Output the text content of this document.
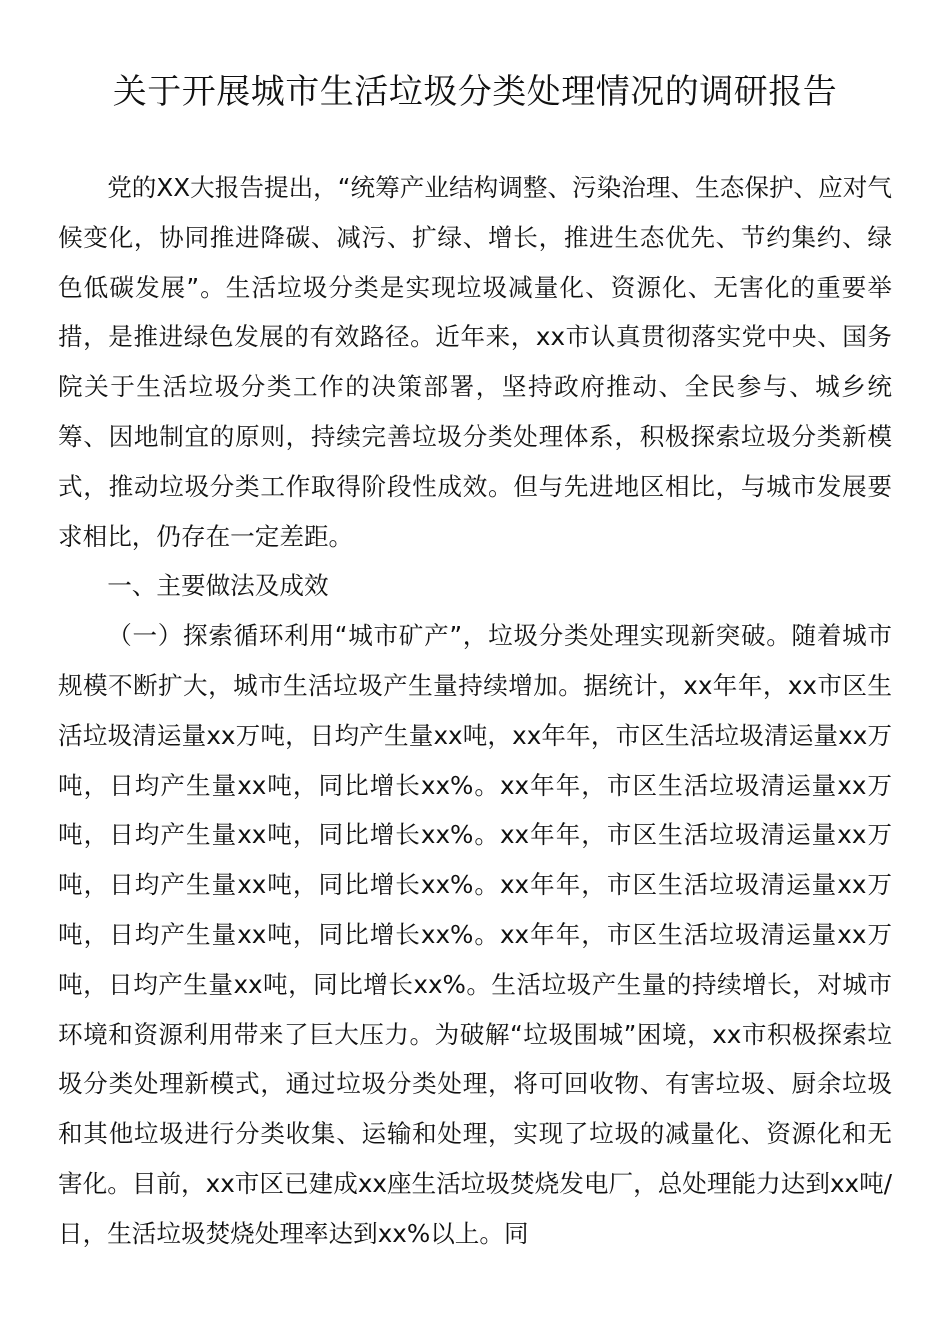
关于开展城市生活垃圾分类处理情况的调研报告

党的XX大报告提出，“统筹产业结构调整、污染治理、生态保护、应对气候变化，协同推进降碳、减污、扩绿、增长，推进生态优先、节约集约、绿色低碳发展”。生活垃圾分类是实现垃圾减量化、资源化、无害化的重要举措，是推进绿色发展的有效路径。近年来，xx市认真贯彻落实党中央、国务院关于生活垃圾分类工作的决策部署，坚持政府推动、全民参与、城乡统筹、因地制宜的原则，持续完善垃圾分类处理体系，积极探索垃圾分类新模式，推动垃圾分类工作取得阶段性成效。但与先进地区相比，与城市发展要求相比，仍存在一定差距。

一、主要做法及成效

（一）探索循环利用“城市矿产”，垃圾分类处理实现新突破。随着城市规模不断扩大，城市生活垃圾产生量持续增加。据统计，xx年年，xx市区生活垃圾清运量xx万吨，日均产生量xx吨，xx年年，市区生活垃圾清运量xx万吨，日均产生量xx吨，同比增长xx%。xx年年，市区生活垃圾清运量xx万吨，日均产生量xx吨，同比增长xx%。xx年年，市区生活垃圾清运量xx万吨，日均产生量xx吨，同比增长xx%。xx年年，市区生活垃圾清运量xx万吨，日均产生量xx吨，同比增长xx%。xx年年，市区生活垃圾清运量xx万吨，日均产生量xx吨，同比增长xx%。生活垃圾产生量的持续增长，对城市环境和资源利用带来了巨大压力。为破解“垃圾围城”困境，xx市积极探索垃圾分类处理新模式，通过垃圾分类处理，将可回收物、有害垃圾、厨余垃圾和其他垃圾进行分类收集、运输和处理，实现了垃圾的减量化、资源化和无害化。目前，xx市区已建成xx座生活垃圾焚烧发电厂，总处理能力达到xx吨/日，生活垃圾焚烧处理率达到xx%以上。同
